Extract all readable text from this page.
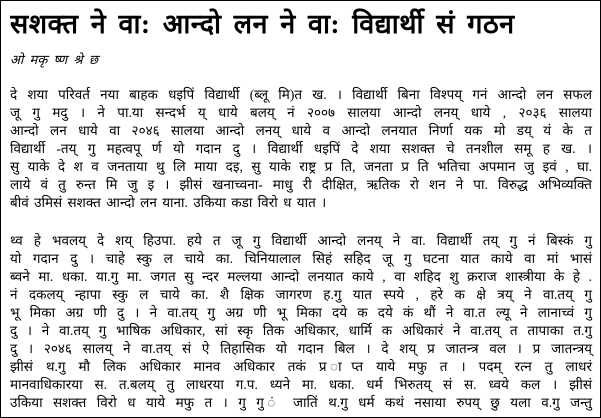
सशक्त ने वा: आन्दो लन ने वा: विद्यार्थी सं गठन
ओ मकृ ष्ण श्रे छ
दे शया परिवर्त नया बाहक धइपिं विद्यार्थी (ब्लू मि)त ख. । विद्यार्थी बिना विश्पय् गनं आन्दो लन सफल
जू गु मदु । ने पा.या सन्दर्भ य् धाये बलय् नं २००७ सालया आन्दो लनय् धाये , २०३६ सालया
आन्दो लन धाये वा २०४६ सालया आन्दो लनय् धाये व आन्दो लनयात निर्णा यक मो डय् यं के त
विद्यार्थी -तय् गु महत्वपू र्ण यो गदान दु । विद्यार्थी धइपिं दे शया सशक्त चे तनशील समू ह ख. ।
सु याके दे श व जनताया थु लि माया दइ, सु याके राष्ट्र प्र ति, जनता प्र ति भतिचा अपमान जु इवं , घा.
लाये वं तु रुन्त मि जु इ । झीसं खनाच्वना- माधु री दीक्षित, ऋतिक रो शन ने पा. विरुद्ध अभिव्यक्ति
बीवं उमिसं सशक्त आन्दो लन याना. उकिया कडा विरो ध यात ।
थ्व हे भवलय् दे शय् हिउपा. हये त जू गु विद्यार्थी आन्दो लनय् ने वा. विद्यार्थी तय् गु नं बिस्कं गु
यो गदान दु । चाहे स्कु ल चाये का. चिनियालाल सिहं सहिद जू गु घटना यात काये वा मां भासं
ब्वने मा. धका. या.गु मा. जगत सु न्दर मल्लया आन्दो लनयात काये , वा शहिद शु क्रराज शास्त्रीया के हे .
नं दकलय् न्हापा स्कु ल चाये का. शै क्षिक जागरण ह.गु यात स्पये , हरे क क्षे त्रय् ने वा.तय् गु
भू मिका अग्र णी दु । ने वा.तय् गु अग्र णी भू मिका दये क दये कं थौं ने वा.त ल्यू ने लानाच्वं गु
दु । ने वा.तय् गु भाषिक अधिकार, सां स्कृ तिक अधिकार, धार्मि क अधिकारं ने वा.तय् त तापाका त.गु
दु । २०४६ सालय् ने वा.तय् सं ऐ तिहासिक यो गदान बिल । दे शय् प्र जातन्त्र वल । प्र जातन्त्रय्
झीसं थ.गु मौ लिक अधिकार मानव अधिकार तकं प्र ाप्त याये मफु त । पदम् रत्न तु लाधरं
मानवाधिकारया स. त.बलय् तु लाधरया ग.प. ध्यने मा. धका. धर्म भिरुतय् सं स. ध्वये कल । झीसं
उकिया सशक्त विरो ध याये मफु त । गु गु ं जातिं थ.गु धर्म कथं नसाया रुपय् छु यला व.गु जन्तु
